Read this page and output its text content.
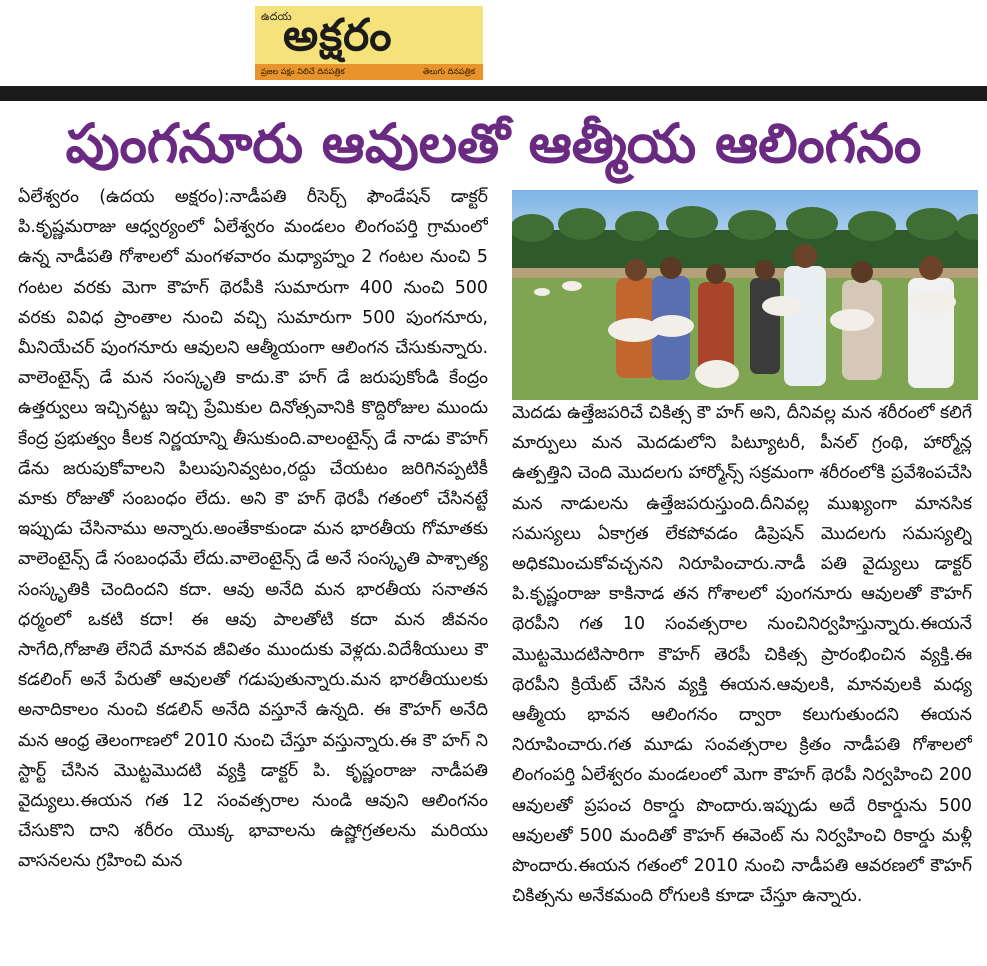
ఉదయ
అక్షరం
ప్రజల పక్షం నిలిచే దినపత్రిక	తెలుగు దినపత్రిక
పుంగనూరు ఆవులతో ఆత్మీయ ఆలింగనం
ఏలేశ్వరం (ఉదయ అక్షరం):నాడీపతి రీసెర్చ్ ఫౌండేషన్ డాక్టర్ పి.కృష్ణమరాజు ఆధ్వర్యంలో ఏలేశ్వరం మండలం లింగంపర్తి గ్రామంలో ఉన్న నాడీపతి గోశాలలో మంగళవారం మధ్యాహ్నం 2 గంటల నుంచి 5 గంటల వరకు మెగా కౌహగ్ థెరపీకి సుమారుగా 400 నుంచి 500 వరకు వివిధ ప్రాంతాల నుంచి వచ్చి సుమారుగా 500 పుంగనూరు, మీనియేచర్ పుంగనూరు ఆవులని ఆత్మీయంగా ఆలింగన చేసుకున్నారు. వాలెంటైన్స్ డే మన సంస్కృతి కాదు.కౌ హగ్ డే జరుపుకోండి కేంద్రం ఉత్తర్వులు ఇచ్చినట్టు ఇచ్చి ప్రేమికుల దినోత్సవానికి కొద్దిరోజుల ముందు కేంద్ర ప్రభుత్వం కీలక నిర్ణయాన్ని తీసుకుంది.వాలంటైన్స్ డే నాడు కౌహగ్ డేను జరుపుకోవాలని పిలుపునివ్వటం,రద్దు చేయటం జరిగినప్పటికీ మాకు రోజుతో సంబంధం లేదు. అని కౌ హగ్ థెరపీ గతంలో చేసినట్టే ఇప్పుడు చేసినాము అన్నారు.అంతేకాకుండా మన భారతీయ గోమాతకు వాలెంటైన్స్ డే సంబంధమే లేదు.వాలెంటైన్స్ డే అనే సంస్కృతి పాశ్చాత్య సంస్కృతికి చెందిందని కదా. ఆవు అనేది మన భారతీయ సనాతన ధర్మంలో ఒకటి కదా! ఈ ఆవు పాలతోటి కదా మన జీవనం సాగేది,గోజాతి లేనిదే మానవ జీవితం ముందుకు వెళ్లదు.విదేశీయులు కౌ కడలింగ్ అనే పేరుతో ఆవులతో గడుపుతున్నారు.మన భారతీయులకు అనాదికాలం నుంచి కడలిన్ అనేది వస్తూనే ఉన్నది. ఈ కౌహగ్ అనేది మన ఆంధ్ర తెలంగాణలో 2010 నుంచి చేస్తూ వస్తున్నారు.ఈ కౌ హగ్ ని స్టార్ట్ చేసిన మొట్టమొదటి వ్యక్తి డాక్టర్ పి. కృష్ణంరాజు నాడీపతి వైద్యులు.ఈయన గత 12 సంవత్సరాల నుండి ఆవుని ఆలింగనం చేసుకొని దాని శరీరం యొక్క భావాలను ఉష్ణోగ్రతలను మరియు వాసనలను గ్రహించి మన
మెదడు ఉత్తేజపరిచే చికిత్స కౌ హగ్ అని, దీనివల్ల మన శరీరంలో కలిగే మార్పులు మన మెదడులోని పిట్యూటరీ, పీనల్ గ్రంథి, హార్మోన్ల ఉత్పత్తిని చెంది మొదలగు హార్మోన్స్ సక్రమంగా శరీరంలోకి ప్రవేశింపచేసి మన నాడులను ఉత్తేజపరుస్తుంది.దీనివల్ల ముఖ్యంగా మానసిక సమస్యలు ఏకాగ్రత లేకపోవడం డిప్రెషన్ మొదలగు సమస్యల్ని అధికమించుకోవచ్చనని నిరూపించారు.నాడీ పతి వైద్యులు డాక్టర్ పి.కృష్ణంరాజు కాకినాడ తన గోశాలలో పుంగనూరు ఆవులతో కౌహగ్ థెరపీని గత 10 సంవత్సరాల నుంచినిర్వహిస్తున్నారు.ఈయనే మొట్టమొదటిసారిగా కౌహగ్ తెరపీ చికిత్స ప్రారంభించిన వ్యక్తి.ఈ థెరపీని క్రియేట్ చేసిన వ్యక్తి ఈయన.ఆవులకి, మానవులకి మధ్య ఆత్మీయ భావన ఆలింగనం ద్వారా కలుగుతుందని ఈయన నిరూపించారు.గత మూడు సంవత్సరాల క్రితం నాడీపతి గోశాలలో లింగంపర్తి ఏలేశ్వరం మండలంలో మెగా కౌహగ్ థెరపీ నిర్వహించి 200 ఆవులతో ప్రపంచ రికార్డు పొందారు.ఇప్పుడు అదే రికార్డును 500 ఆవులతో 500 మందితో కౌహగ్ ఈవెంట్ ను నిర్వహించి రికార్డు మళ్లీ పొందారు.ఈయన గతంలో 2010 నుంచి నాడీపతి ఆవరణలో కౌహగ్ చికిత్సను అనేకమంది రోగులకి కూడా చేస్తూ ఉన్నారు.
